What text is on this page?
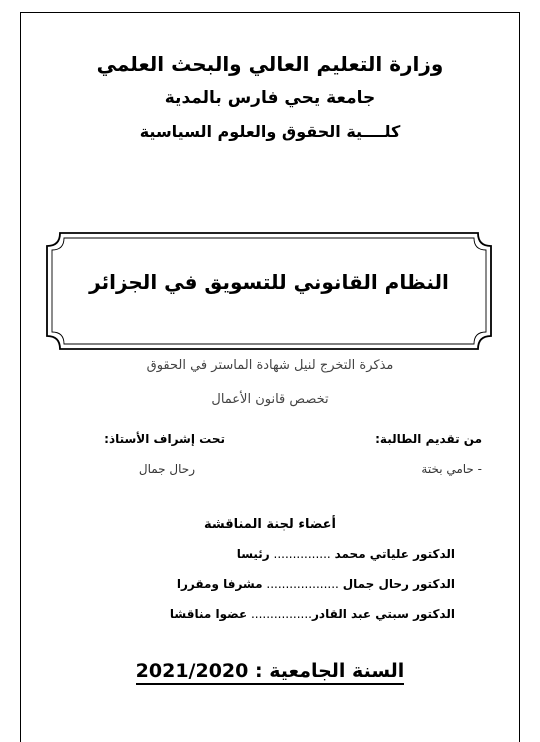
وزارة التعليم العالي والبحث العلمي
جامعة يحي فارس بالمدية
كلــــية الحقوق والعلوم السياسية
النظام القانوني للتسويق في الجزائر
مذكرة التخرج لنيل شهادة الماستر في الحقوق
تخصص قانون الأعمال
من تقديم الطالبة:
- حامي بختة
تحت إشراف الأستاذ:
رحال جمال
أعضاء لجنة المناقشة
الدكتور علياتي محمد ............... رئيسا
الدكتور رحال جمال ................... مشرفا ومقررا
الدكتور سبتي عبد القادر................ عضوا مناقشا
السنة الجامعية : 2021/2020
